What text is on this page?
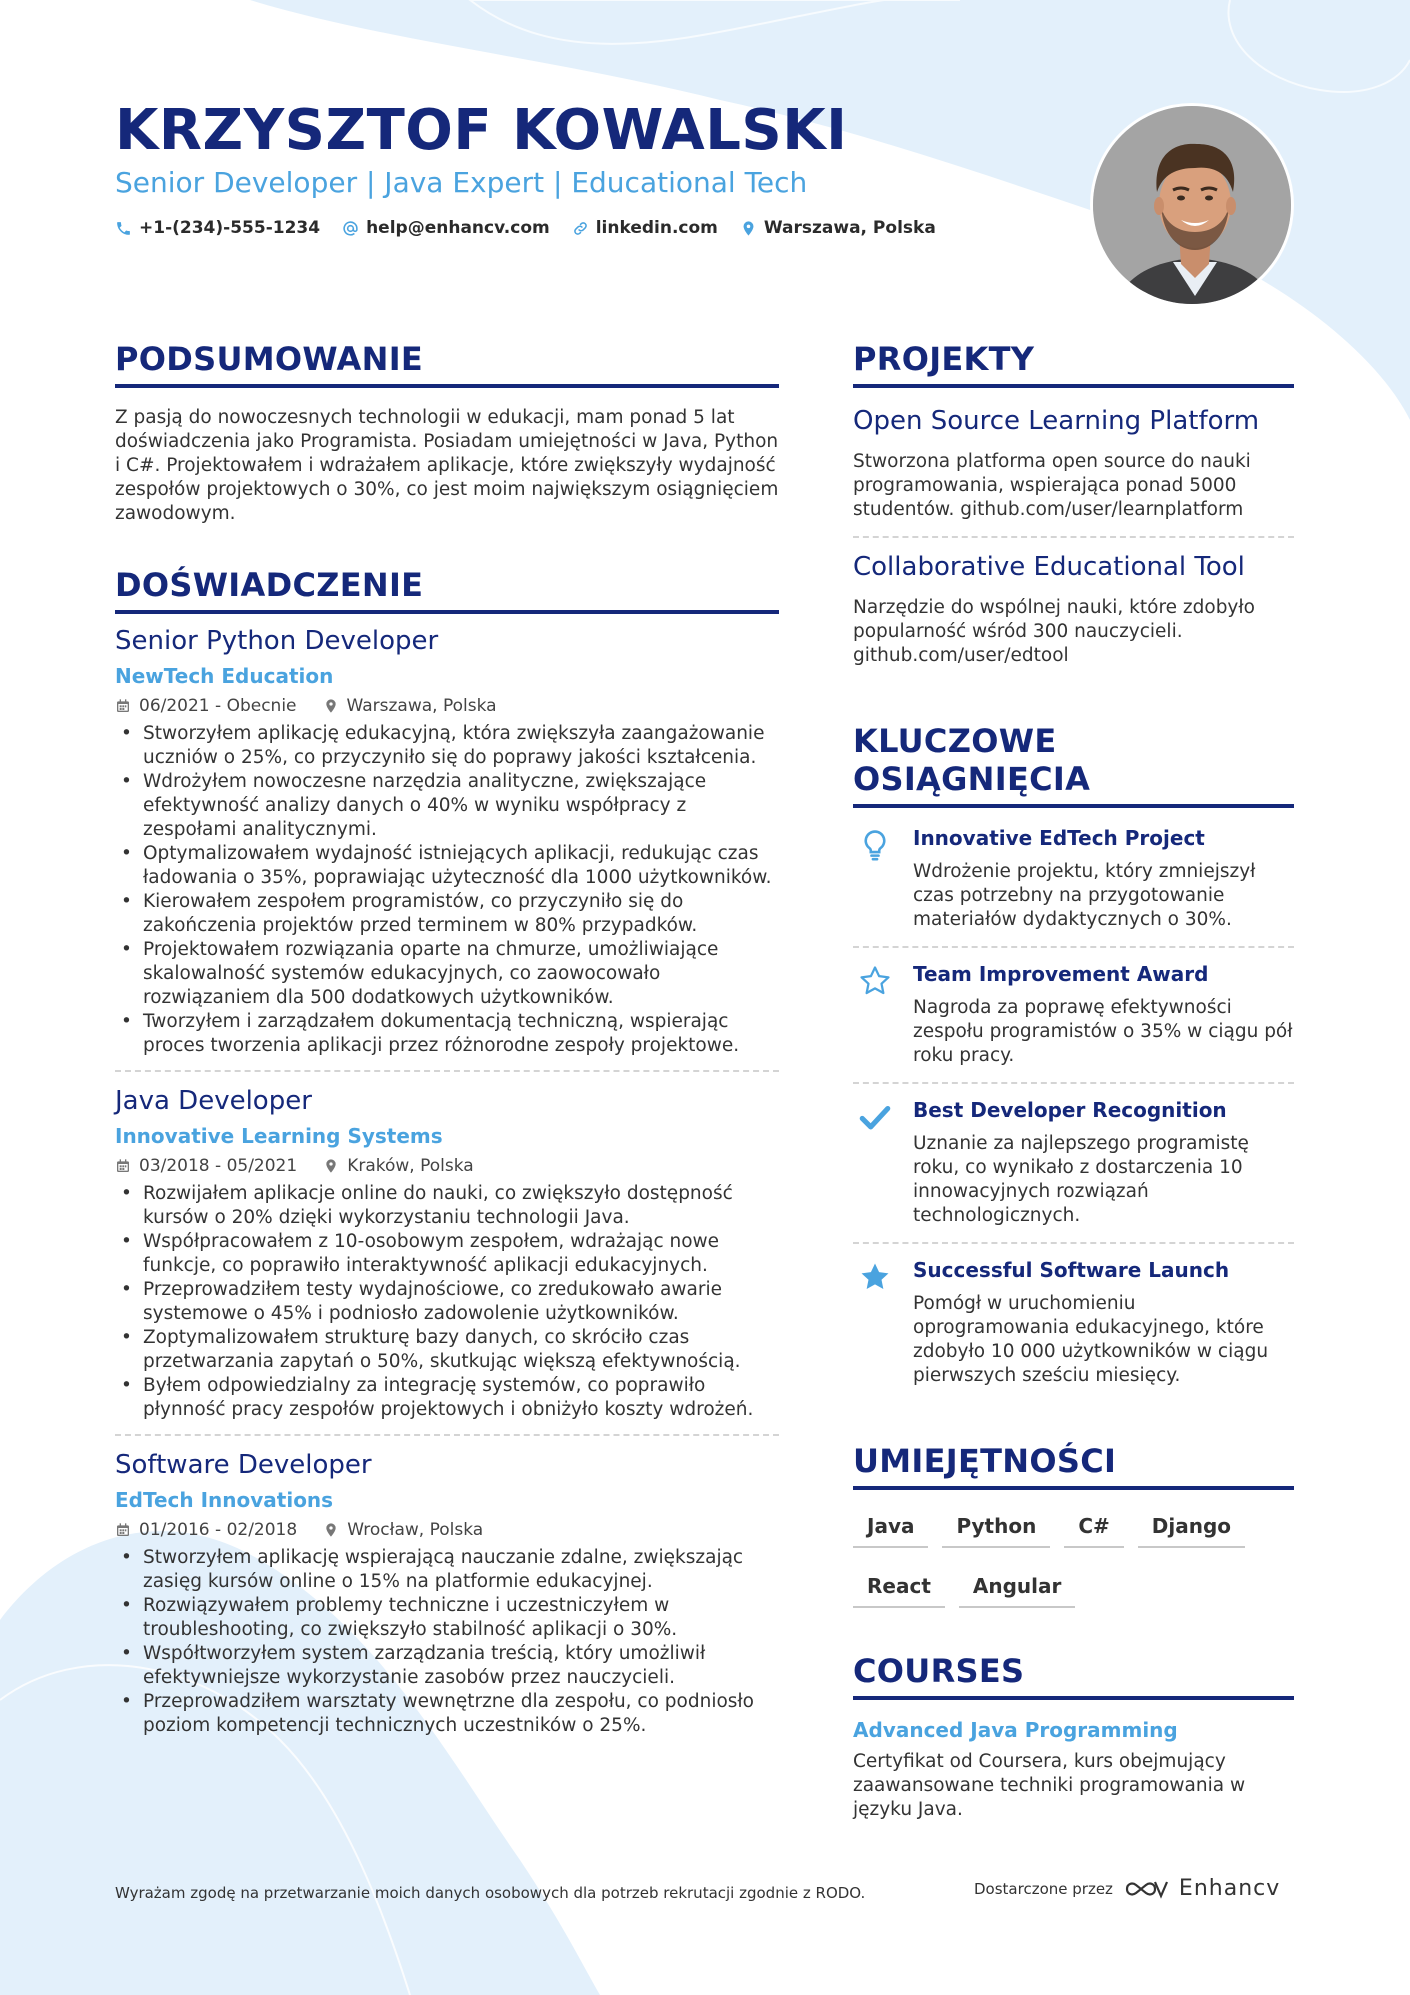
KRZYSZTOF KOWALSKI
Senior Developer | Java Expert | Educational Tech
+1-(234)-555-1234	help@enhancv.com	linkedin.com	Warszawa, Polska
PODSUMOWANIE

Z pasją do nowoczesnych technologii w edukacji, mam ponad 5 lat doświadczenia jako Programista. Posiadam umiejętności w Java, Python i C#. Projektowałem i wdrażałem aplikacje, które zwiększyły wydajność zespołów projektowych o 30%, co jest moim największym osiągnięciem zawodowym.

DOŚWIADCZENIE
Senior Python Developer
NewTech Education
06/2021 - Obecnie	Warszawa, Polska
• Stworzyłem aplikację edukacyjną, która zwiększyła zaangażowanie uczniów o 25%, co przyczyniło się do poprawy jakości kształcenia.
• Wdrożyłem nowoczesne narzędzia analityczne, zwiększające efektywność analizy danych o 40% w wyniku współpracy z zespołami analitycznymi.
• Optymalizowałem wydajność istniejących aplikacji, redukując czas ładowania o 35%, poprawiając użyteczność dla 1000 użytkowników.
• Kierowałem zespołem programistów, co przyczyniło się do zakończenia projektów przed terminem w 80% przypadków.
• Projektowałem rozwiązania oparte na chmurze, umożliwiające skalowalność systemów edukacyjnych, co zaowocowało rozwiązaniem dla 500 dodatkowych użytkowników.
• Tworzyłem i zarządzałem dokumentacją techniczną, wspierając proces tworzenia aplikacji przez różnorodne zespoły projektowe.
Java Developer
Innovative Learning Systems
03/2018 - 05/2021	Kraków, Polska
• Rozwijałem aplikacje online do nauki, co zwiększyło dostępność kursów o 20% dzięki wykorzystaniu technologii Java.
• Współpracowałem z 10-osobowym zespołem, wdrażając nowe funkcje, co poprawiło interaktywność aplikacji edukacyjnych.
• Przeprowadziłem testy wydajnościowe, co zredukowało awarie systemowe o 45% i podniosło zadowolenie użytkowników.
• Zoptymalizowałem strukturę bazy danych, co skróciło czas przetwarzania zapytań o 50%, skutkując większą efektywnością.
• Byłem odpowiedzialny za integrację systemów, co poprawiło płynność pracy zespołów projektowych i obniżyło koszty wdrożeń.
Software Developer
EdTech Innovations
01/2016 - 02/2018	Wrocław, Polska
• Stworzyłem aplikację wspierającą nauczanie zdalne, zwiększając zasięg kursów online o 15% na platformie edukacyjnej.
• Rozwiązywałem problemy techniczne i uczestniczyłem w troubleshooting, co zwiększyło stabilność aplikacji o 30%.
• Współtworzyłem system zarządzania treścią, który umożliwił efektywniejsze wykorzystanie zasobów przez nauczycieli.
• Przeprowadziłem warsztaty wewnętrzne dla zespołu, co podniosło poziom kompetencji technicznych uczestników o 25%.
PROJEKTY
Open Source Learning Platform

Stworzona platforma open source do nauki programowania, wspierająca ponad 5000 studentów. github.com/user/learnplatform

Collaborative Educational Tool

Narzędzie do wspólnej nauki, które zdobyło popularność wśród 300 nauczycieli. github.com/user/edtool

KLUCZOWE OSIĄGNIĘCIA
Innovative EdTech Project

Wdrożenie projektu, który zmniejszył czas potrzebny na przygotowanie materiałów dydaktycznych o 30%.

Team Improvement Award

Nagroda za poprawę efektywności zespołu programistów o 35% w ciągu pół roku pracy.

Best Developer Recognition

Uznanie za najlepszego programistę roku, co wynikało z dostarczenia 10 innowacyjnych rozwiązań technologicznych.

Successful Software Launch

Pomógł w uruchomieniu oprogramowania edukacyjnego, które zdobyło 10 000 użytkowników w ciągu pierwszych sześciu miesięcy.

UMIEJĘTNOŚCI
Java	Python	C#	Django
React	Angular
COURSES
Advanced Java Programming

Certyfikat od Coursera, kurs obejmujący zaawansowane techniki programowania w języku Java.

Wyrażam zgodę na przetwarzanie moich danych osobowych dla potrzeb rekrutacji zgodnie z RODO.	Dostarczone przez	Enhancv
